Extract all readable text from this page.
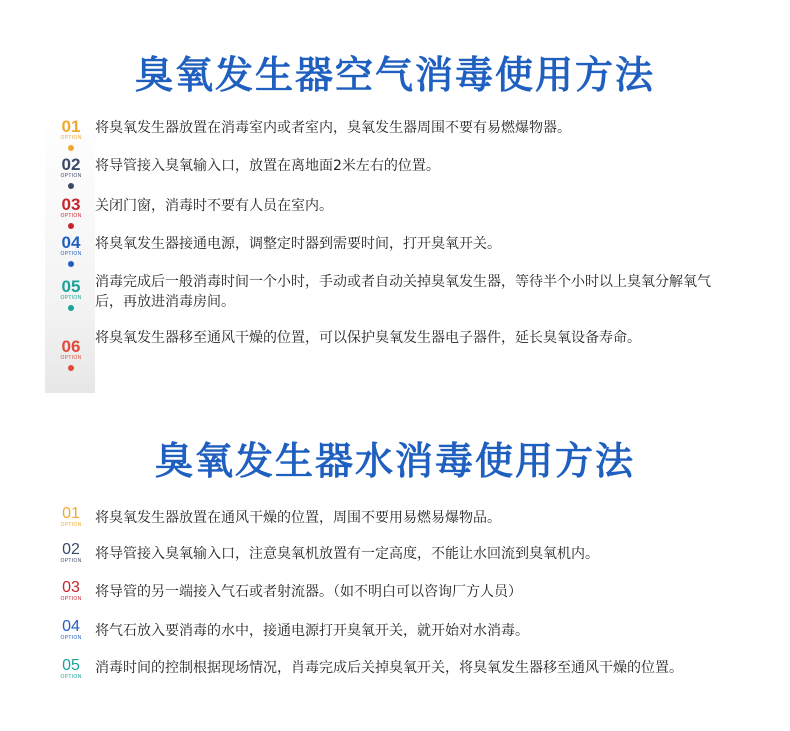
臭氧发生器空气消毒使用方法
01
OPTION
将臭氧发生器放置在消毒室内或者室内，臭氧发生器周围不要有易燃爆物器。
02
OPTION
将导管接入臭氧输入口，放置在离地面2米左右的位置。
03
OPTION
关闭门窗，消毒时不要有人员在室内。
04
OPTION
将臭氧发生器接通电源，调整定时器到需要时间，打开臭氧开关。
05
OPTION
消毒完成后一般消毒时间一个小时，手动或者自动关掉臭氧发生器，等待半个小时以上臭氧分解氧气后，再放进消毒房间。
06
OPTION
将臭氧发生器移至通风干燥的位置，可以保护臭氧发生器电子器件，延长臭氧设备寿命。
臭氧发生器水消毒使用方法
01
OPTION 将臭氧发生器放置在通风干燥的位置，周围不要用易燃易爆物品。
02
OPTION 将导管接入臭氧输入口，注意臭氧机放置有一定高度，不能让水回流到臭氧机内。
03
OPTION 将导管的另一端接入气石或者射流器。（如不明白可以咨询厂方人员）
04
OPTION 将气石放入要消毒的水中，接通电源打开臭氧开关，就开始对水消毒。
05
OPTION
消毒时间的控制根据现场情况，肖毒完成后关掉臭氧开关，将臭氧发生器移至通风干燥的位置。
